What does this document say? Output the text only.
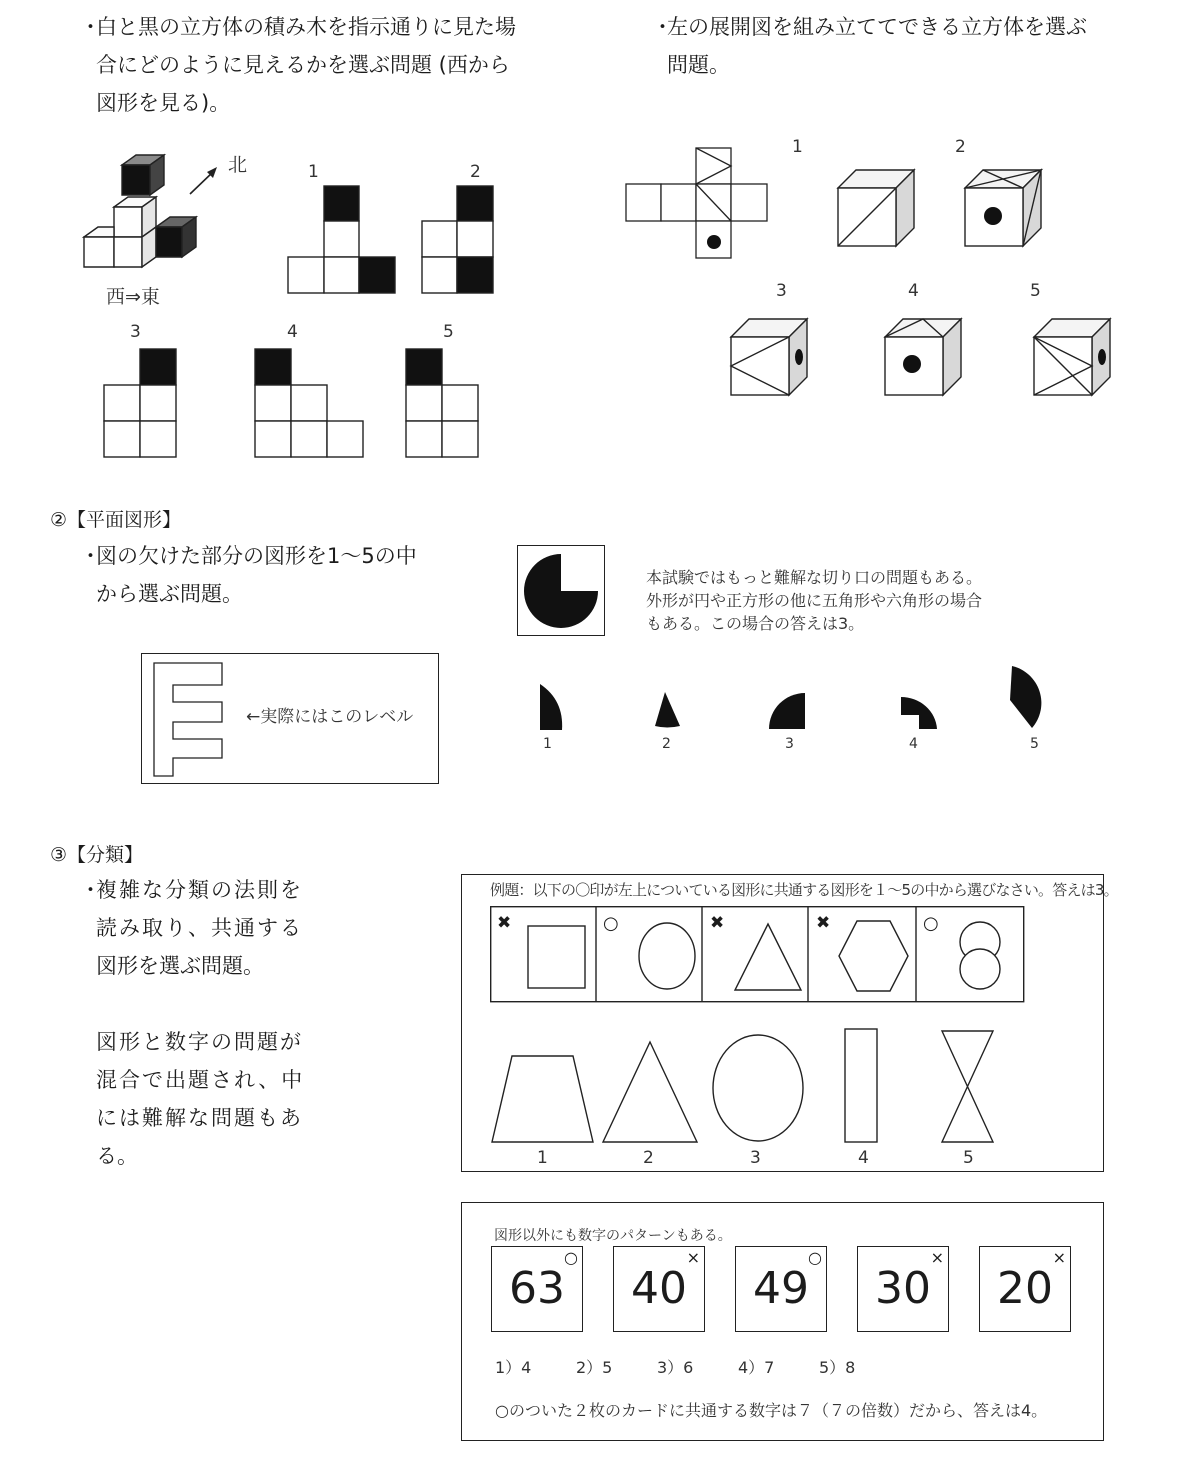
・
白と黒の立方体の積み木を指示通りに見た場
合にどのように見えるかを選ぶ問題 (西から
図形を見る)。
北
西⇒東
1	2
3	4	5
・
左の展開図を組み立ててできる立方体を選ぶ
問題。
1	2
3	4	5
②【平面図形】
・
図の欠けた部分の図形を1～5の中
から選ぶ問題。
←実際にはこのレベル
本試験ではもっと難解な切り口の問題もある。
外形が円や正方形の他に五角形や六角形の場合
もある。この場合の答えは3。
1	2	3	4	5
③【分類】
・
複雑な分類の法則を
読み取り、共通する
図形を選ぶ問題。
図形と数字の問題が
混合で出題され、中
には難解な問題もあ
る。
例題：以下の〇印が左上についている図形に共通する図形を１～5の中から選びなさい。答えは3。
✖	○	✖	✖	○
1	2	3	4	5
図形以外にも数字のパターンもある。
○
63
×
40
○
49
×
30
×
20
1）4	2）5	3）6	4）7	5）8
○のついた２枚のカードに共通する数字は７（７の倍数）だから、答えは4。
